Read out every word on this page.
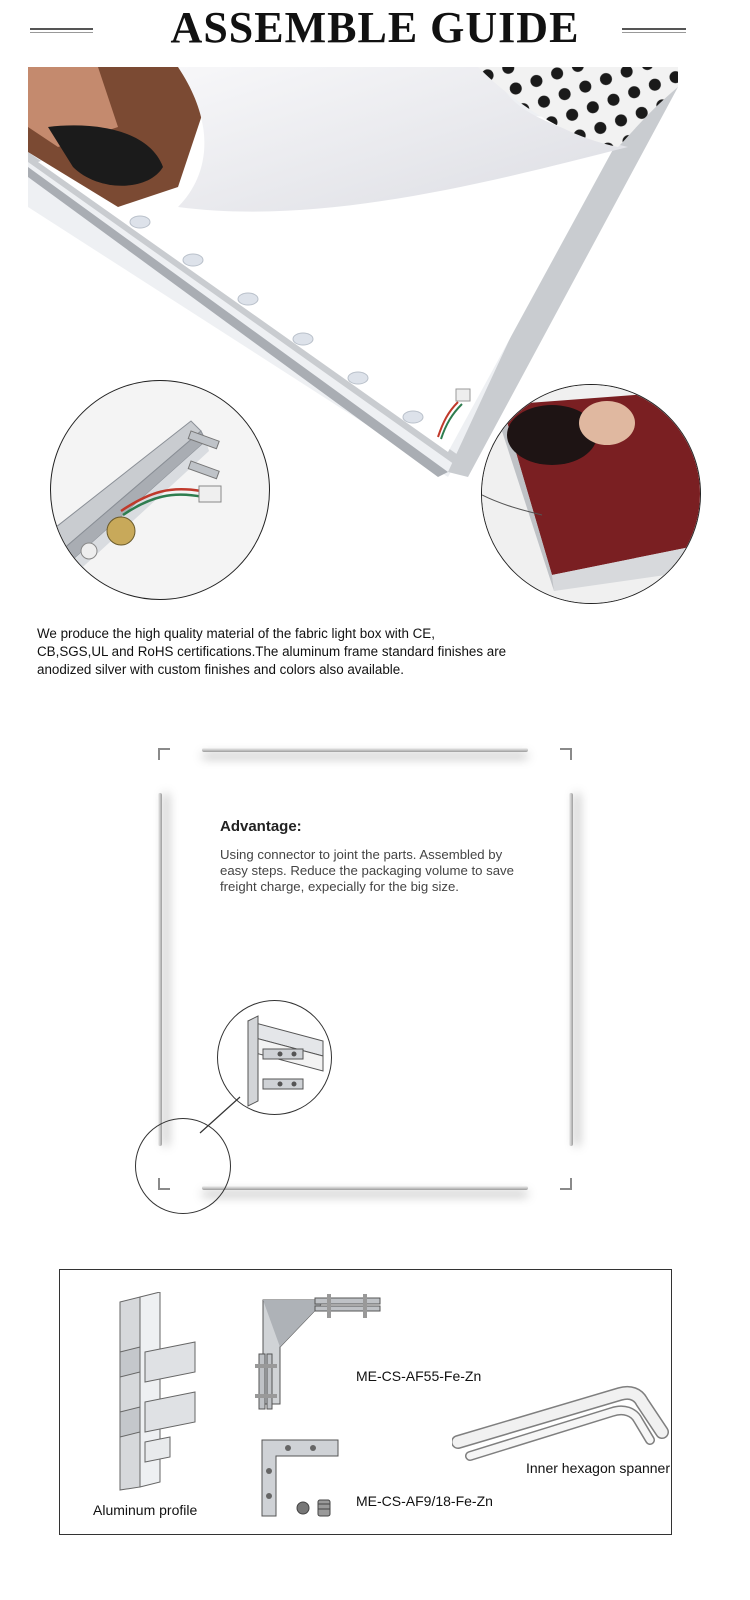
ASSEMBLE GUIDE

We produce the high quality material of the fabric light box with CE, CB,SGS,UL and RoHS certifications.The aluminum frame standard finishes are anodized silver with custom finishes and colors also available.

Advantage:
Using connector to joint the parts. Assembled by easy steps. Reduce the packaging volume to save freight charge, expecially for the big size.
Aluminum profile
ME-CS-AF55-Fe-Zn
ME-CS-AF9/18-Fe-Zn
Inner hexagon spanner
